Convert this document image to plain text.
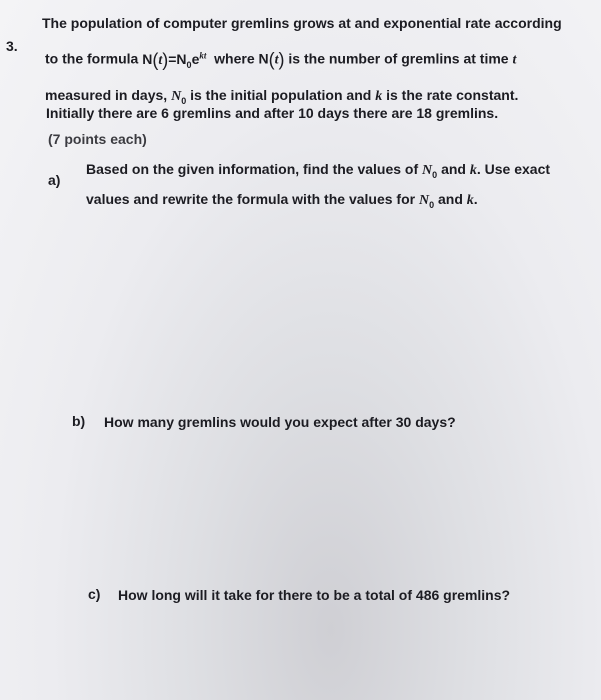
3.
The population of computer gremlins grows at and exponential rate according
to the formula $N(t)=N_0e^{kt}$ where N(t) is the number of gremlins at time t
measured in days, $N_0$ is the initial population and k is the rate constant.
Initially there are 6 gremlins and after 10 days there are 18 gremlins.
(7 points each)
a)
Based on the given information, find the values of $N_0$ and k. Use exact
values and rewrite the formula with the values for $N_0$ and k.
b) How many gremlins would you expect after 30 days?
c) How long will it take for there to be a total of 486 gremlins?
